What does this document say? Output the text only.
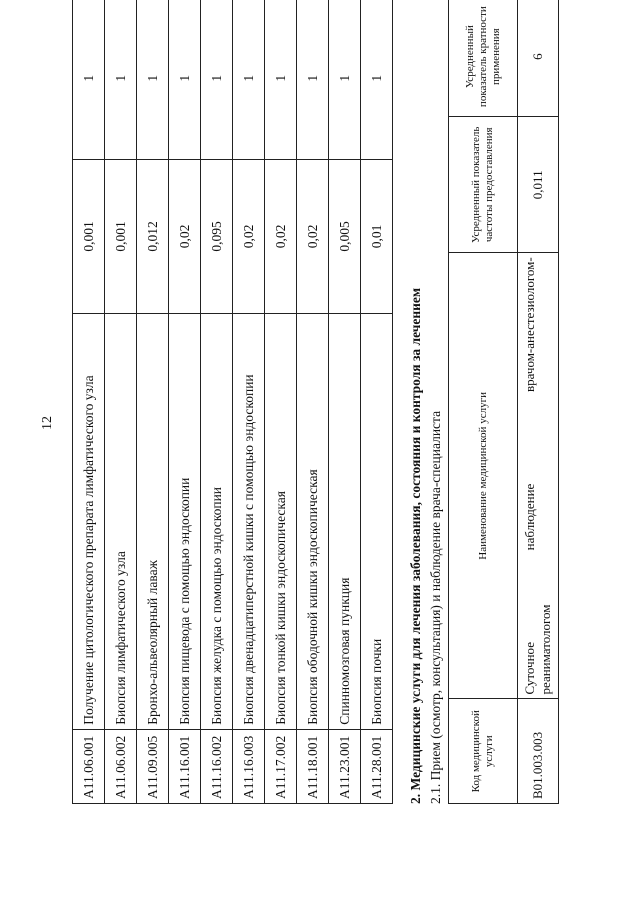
12
A11.06.001	Получение цитологического препарата лимфатического узла	0,001	1
A11.06.002	Биопсия лимфатического узла	0,001	1
A11.09.005	Бронхо-альвеолярный лаваж	0,012	1
A11.16.001	Биопсия пищевода с помощью эндоскопии	0,02	1
A11.16.002	Биопсия желудка с помощью эндоскопии	0,095	1
A11.16.003	Биопсия двенадцатиперстной кишки с помощью эндоскопии	0,02	1
A11.17.002	Биопсия тонкой кишки эндоскопическая	0,02	1
A11.18.001	Биопсия ободочной кишки эндоскопическая	0,02	1
A11.23.001	Спинномозговая пункция	0,005	1
A11.28.001	Биопсия почки	0,01	1
2. Медицинские услуги для лечения заболевания, состояния и контроля за лечением 2.1. Прием (осмотр, консультация) и наблюдение врача-специалиста Код медицинской услуги	Наименование медицинской услуги	Усредненный показатель частоты предоставления	Усредненный показатель кратности применения
B01.003.003	Суточное
наблюдение
врачом-анестезиологом-
реаниматологом	0,011	6
